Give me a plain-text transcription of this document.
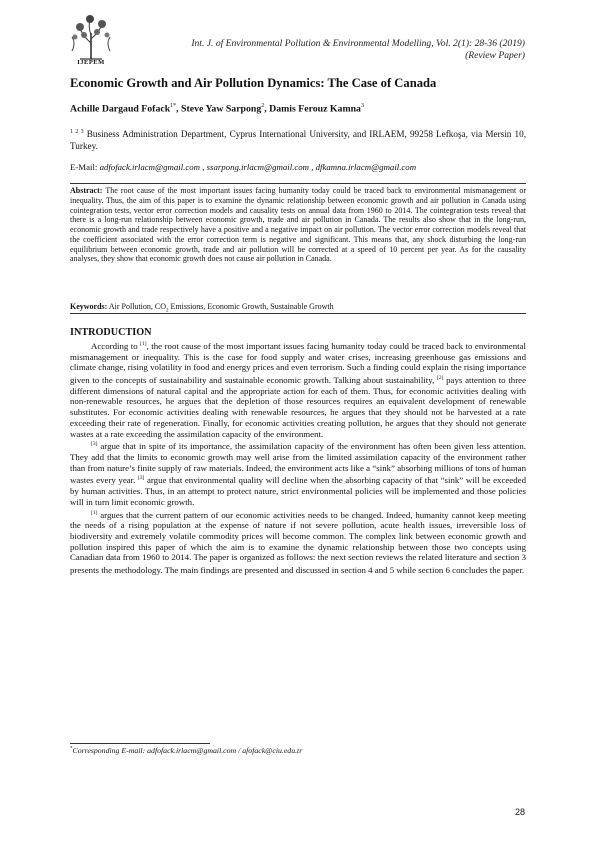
IJEPEM
Int. J. of Environmental Pollution & Environmental Modelling, Vol. 2(1): 28-36 (2019)
(Review Paper)
Economic Growth and Air Pollution Dynamics: The Case of Canada
Achille Dargaud Fofack$^{1*}$, Steve Yaw Sarpong$^2$, Damis Ferouz Kamna$^3$
$^{1 2 3}$ Business Administration Department, Cyprus International University, and IRLAEM, 99258 Lefkoşa, via Mersin 10, Turkey.
E-Mail: adfofack.irlacm@gmail.com , ssarpong.irlacm@gmail.com , dfkamna.irlacm@gmail.com
Abstract: The root cause of the most important issues facing humanity today could be traced back to environmental mismanagement or inequality. Thus, the aim of this paper is to examine the dynamic relationship between economic growth and air pollution in Canada using cointegration tests, vector error correction models and causality tests on annual data from 1960 to 2014. The cointegration tests reveal that there is a long-run relationship between economic growth, trade and air pollution in Canada. The results also show that in the long-run, economic growth and trade respectively have a positive and a negative impact on air pollution. The vector error correction models reveal that the coefficient associated with the error correction term is negative and significant. This means that, any shock disturbing the long-run equilibrium between economic growth, trade and air pollution will be corrected at a speed of 10 percent per year. As for the causality analyses, they show that economic growth does not cause air pollution in Canada.
Keywords: Air Pollution, $CO_2$ Emissions, Economic Growth, Sustainable Growth
INTRODUCTION

According to [1], the root cause of the most important issues facing humanity today could be traced back to environmental mismanagement or inequality. This is the case for food supply and water crises, increasing greenhouse gas emissions and climate change, rising volatility in food and energy prices and even terrorism. Such a finding could explain the rising importance given to the concepts of sustainability and sustainable economic growth. Talking about sustainability, [2] pays attention to three different dimensions of natural capital and the appropriate action for each of them. Thus, for economic activities dealing with non-renewable resources, he argues that the depletion of those resources requires an equivalent development of renewable substitutes. For economic activities dealing with renewable resources, he argues that they should not be harvested at a rate exceeding their rate of regeneration. Finally, for economic activities creating pollution, he argues that they should not generate wastes at a rate exceeding the assimilation capacity of the environment.

[3] argue that in spite of its importance, the assimilation capacity of the environment has often been given less attention. They add that the limits to economic growth may well arise from the limited assimilation capacity of the environment rather than from nature’s finite supply of raw materials. Indeed, the environment acts like a “sink” absorbing millions of tons of human wastes every year. [3] argue that environmental quality will decline when the absorbing capacity of that “sink” will be exceeded by human activities. Thus, in an attempt to protect nature, strict environmental policies will be implemented and those policies will in turn limit economic growth.

[1] argues that the current pattern of our economic activities needs to be changed. Indeed, humanity cannot keep meeting the needs of a rising population at the expense of nature if not severe pollution, acute health issues, irreversible loss of biodiversity and extremely volatile commodity prices will become common. The complex link between economic growth and pollution inspired this paper of which the aim is to examine the dynamic relationship between those two concepts using Canadian data from 1960 to 2014. The paper is organized as follows: the next section reviews the related literature and section 3 presents the methodology. The main findings are presented and discussed in section 4 and 5 while section 6 concludes the paper.

*Corresponding E-mail: adfofack.irlacm@gmail.com / afofack@ciu.edu.tr
28
